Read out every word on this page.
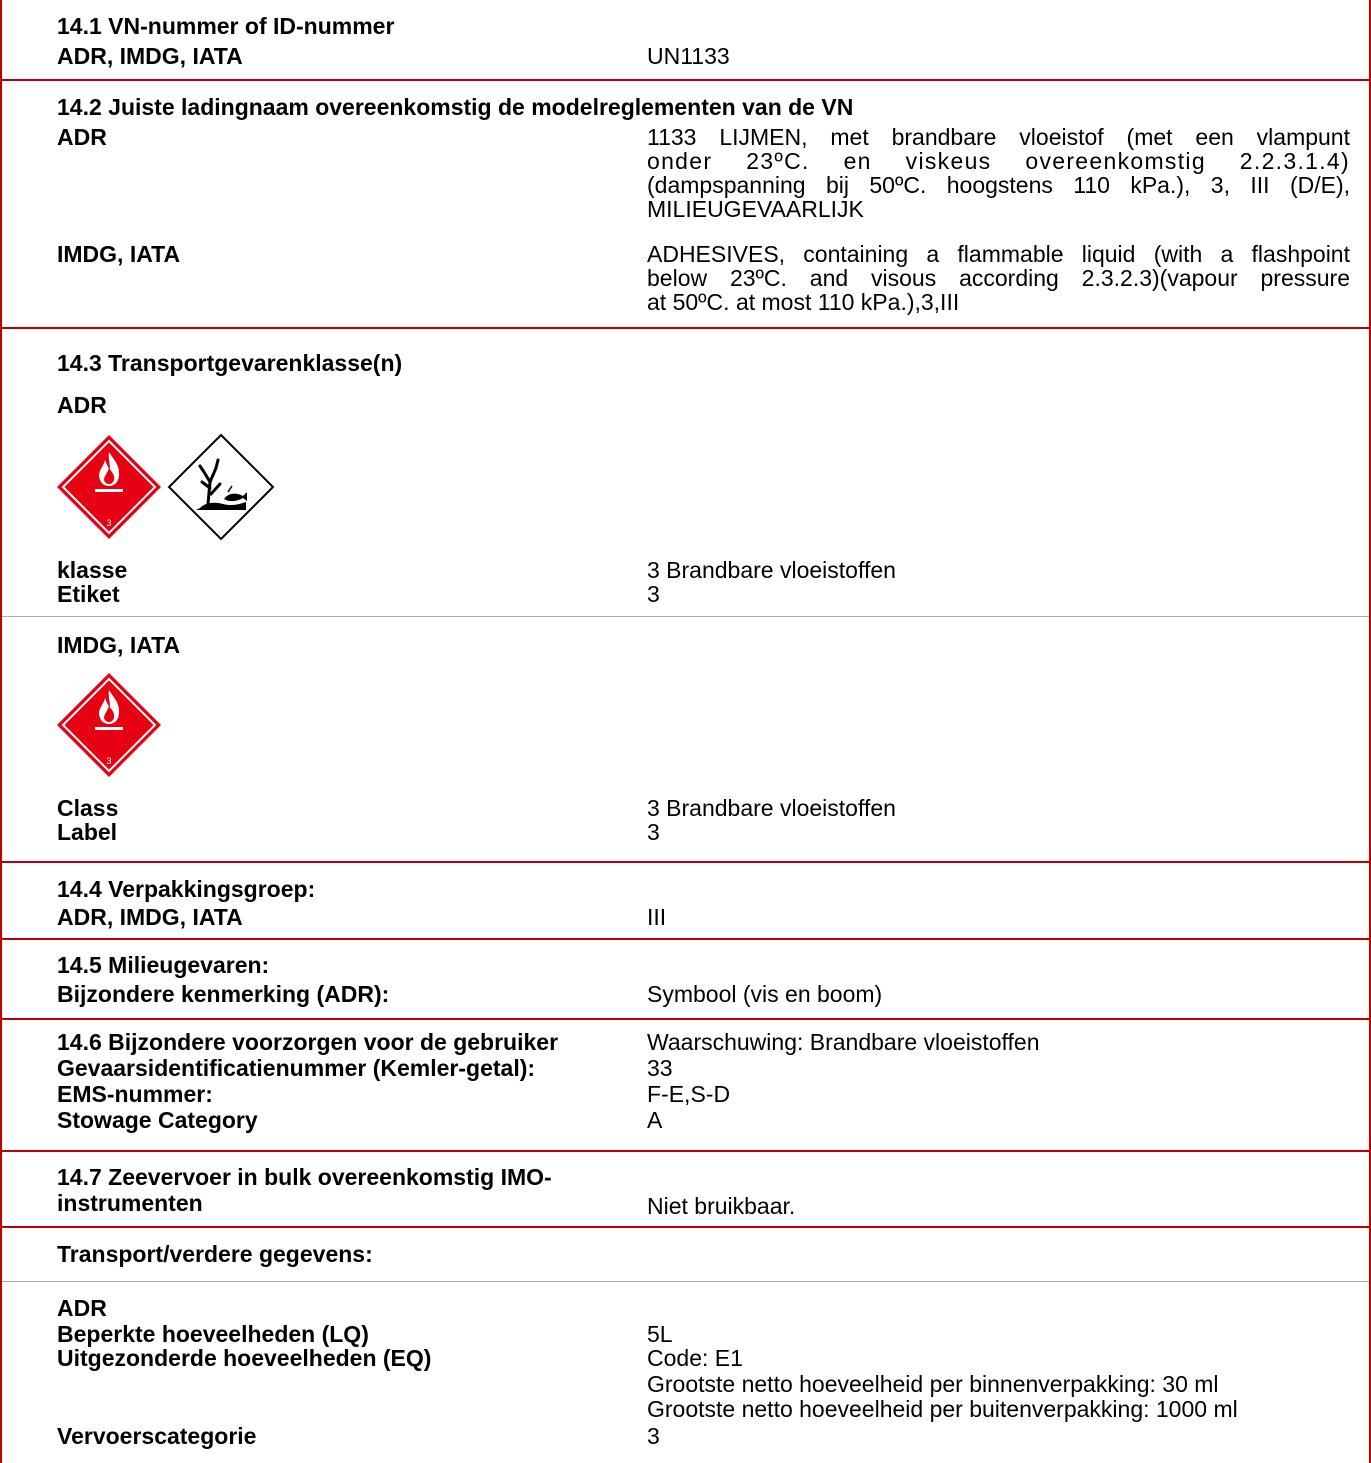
14.1 VN-nummer of ID-nummer
ADR, IMDG, IATA	UN1133
14.2 Juiste ladingnaam overeenkomstig de modelreglementen van de VN
ADR	1133 LIJMEN, met brandbare vloeistof (met een vlampunt
onder 23ºC. en viskeus overeenkomstig 2.2.3.1.4)
(dampspanning bij 50ºC. hoogstens 110 kPa.), 3, III (D/E),
MILIEUGEVAARLIJK
IMDG, IATA	ADHESIVES, containing a flammable liquid (with a flashpoint
below 23ºC. and visous according 2.3.2.3)(vapour pressure
at 50ºC. at most 110 kPa.),3,III
14.3 Transportgevarenklasse(n)
ADR
3
klasse	3 Brandbare vloeistoffen
Etiket	3
IMDG, IATA
3
Class	3 Brandbare vloeistoffen
Label	3
14.4 Verpakkingsgroep:
ADR, IMDG, IATA	III
14.5 Milieugevaren:
Bijzondere kenmerking (ADR):	Symbool (vis en boom)
14.6 Bijzondere voorzorgen voor de gebruiker	Waarschuwing: Brandbare vloeistoffen
Gevaarsidentificatienummer (Kemler-getal):	33
EMS-nummer:	F-E,S-D
Stowage Category	A
14.7 Zeevervoer in bulk overeenkomstig IMO-
instrumenten	Niet bruikbaar.
Transport/verdere gegevens:
ADR
Beperkte hoeveelheden (LQ)	5L
Uitgezonderde hoeveelheden (EQ)	Code: E1
Grootste netto hoeveelheid per binnenverpakking: 30 ml
Grootste netto hoeveelheid per buitenverpakking: 1000 ml
Vervoerscategorie	3
